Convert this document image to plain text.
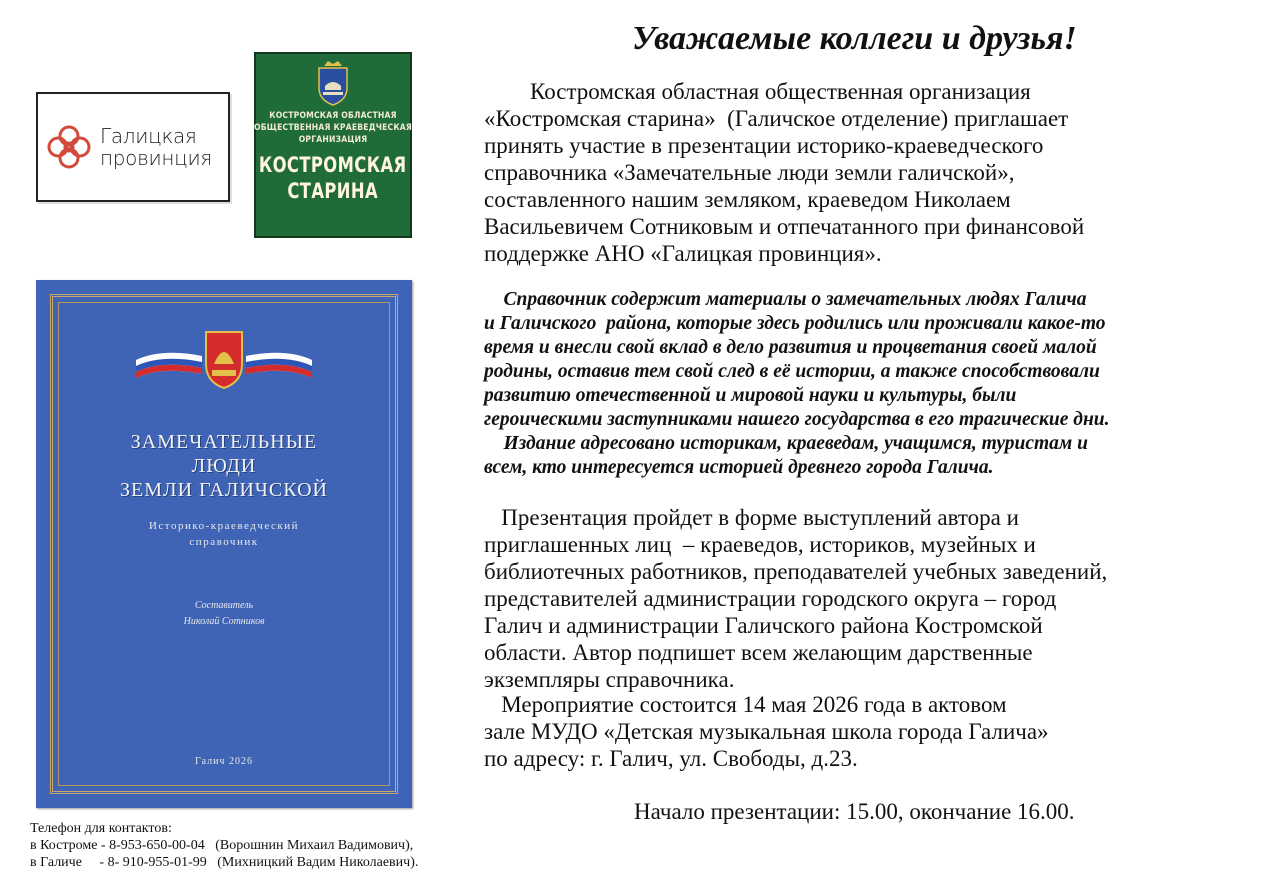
Галицкая
провинция
КОСТРОМСКАЯ ОБЛАСТНАЯ
ОБЩЕСТВЕННАЯ КРАЕВЕДЧЕСКАЯ
ОРГАНИЗАЦИЯ
КОСТРОМСКАЯ
СТАРИНА
ЗАМЕЧАТЕЛЬНЫЕ
ЛЮДИ
ЗЕМЛИ ГАЛИЧСКОЙ
Историко-краеведческий
справочник
Составитель
Николай Сотников
Галич 2026
Телефон для контактов:
в Костроме - 8-953-650-00-04   (Ворошнин Михаил Вадимович),
в Галиче     - 8- 910-955-01-99   (Михницкий Вадим Николаевич).
Уважаемые коллеги и друзья!
Костромская областная общественная организация
«Костромская старина»  (Галичское отделение) приглашает
принять участие в презентации историко-краеведческого
справочника «Замечательные люди земли галичской»,
составленного нашим земляком, краеведом Николаем
Васильевичем Сотниковым и отпечатанного при финансовой
поддержке АНО «Галицкая провинция».
Справочник содержит материалы о замечательных людях Галича
и Галичского  района, которые здесь родились или проживали какое-то
время и внесли свой вклад в дело развития и процветания своей малой
родины, оставив тем свой след в её истории, а также способствовали
развитию отечественной и мировой науки и культуры, были
героическими заступниками нашего государства в его трагические дни.
Издание адресовано историкам, краеведам, учащимся, туристам и
всем, кто интересуется историей древнего города Галича.
Презентация пройдет в форме выступлений автора и
приглашенных лиц  – краеведов, историков, музейных и
библиотечных работников, преподавателей учебных заведений,
представителей администрации городского округа – город
Галич и администрации Галичского района Костромской
области. Автор подпишет всем желающим дарственные
экземпляры справочника.
Мероприятие состоится 14 мая 2026 года в актовом
зале МУДО «Детская музыкальная школа города Галича»
по адресу: г. Галич, ул. Свободы, д.23.
Начало презентации: 15.00, окончание 16.00.
